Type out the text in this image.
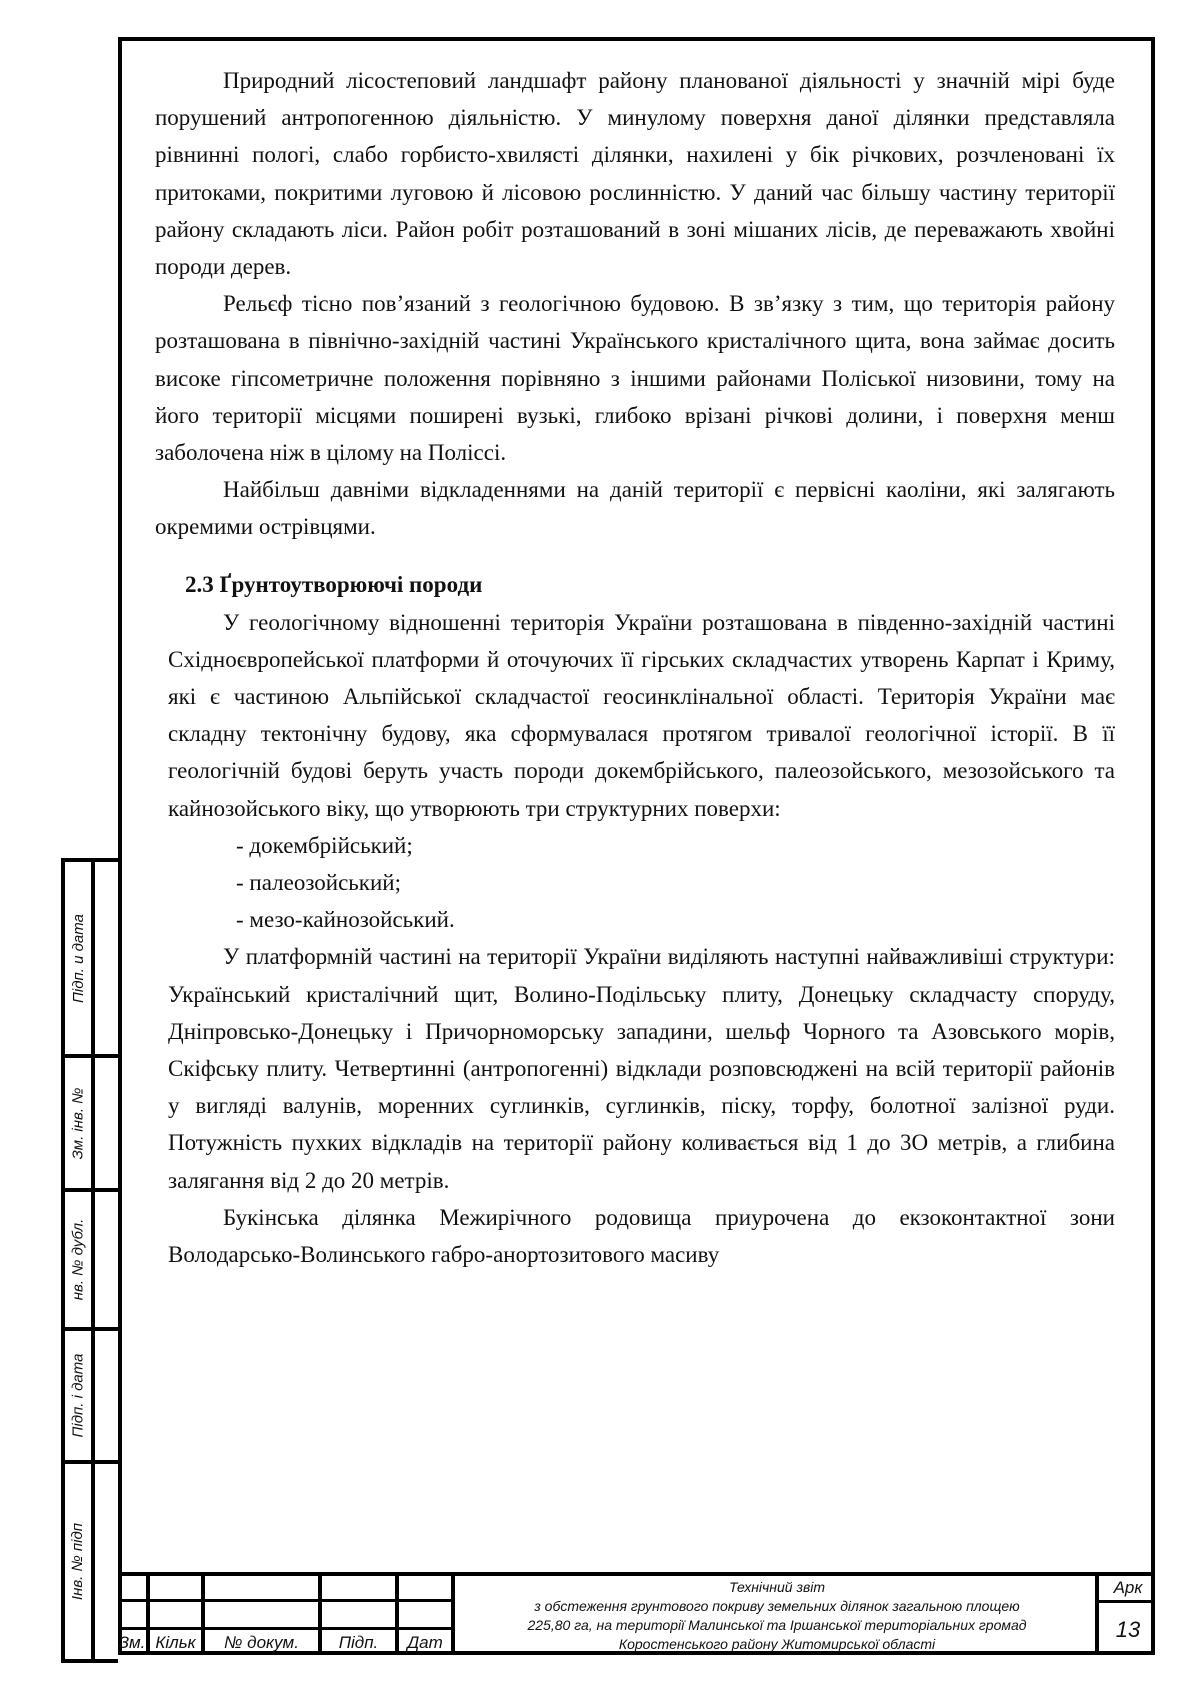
Природний лісостеповий ландшафт району планованої діяльності у значній мірі буде порушений антропогенною діяльністю. У минулому поверхня даної ділянки представляла рівнинні пологі, слабо горбисто-хвилясті ділянки, нахилені у бік річкових, розчленовані їх притоками, покритими луговою й лісовою рослинністю. У даний час більшу частину території району складають ліси. Район робіт розташований в зоні мішаних лісів, де переважають хвойні породи дерев.

Рельєф тісно пов’язаний з геологічною будовою. В зв’язку з тим, що територія району розташована в північно-західній частині Українського кристалічного щита, вона займає досить високе гіпсометричне положення порівняно з іншими районами Поліської низовини, тому на його території місцями поширені вузькі, глибоко врізані річкові долини, і поверхня менш заболочена ніж в цілому на Поліссі.

Найбільш давніми відкладеннями на даній території є первісні каоліни, які залягають окремими острівцями.

2.3 Ґрунтоутворюючі породи

У геологічному відношенні територія України розташована в південно-західній частині Східноєвропейської платформи й оточуючих її гірських складчастих утворень Карпат і Криму, які є частиною Альпійської складчастої геосинклінальної області. Територія України має складну тектонічну будову, яка сформувалася протягом тривалої геологічної історії. В її геологічній будові беруть участь породи докембрійського, палеозойського, мезозойського та кайнозойського віку, що утворюють три структурних поверхи:

- докембрійський;

- палеозойський;

- мезо-кайнозойський.

У платформній частині на території України виділяють наступні найважливіші структури: Український кристалічний щит, Волино-Подільську плиту, Донецьку складчасту споруду, Дніпровсько-Донецьку і Причорноморську западини, шельф Чорного та Азовського морів, Скіфську плиту. Четвертинні (антропогенні) відклади розповсюджені на всій території районів у вигляді валунів, моренних суглинків, суглинків, піску, торфу, болотної залізної руди. Потужність пухких відкладів на території району коливається від 1 до 3О метрів, а глибина залягання від 2 до 20 метрів.

Букінська ділянка Межирічного родовища приурочена до екзоконтактної зони Володарсько-Волинського габро-анортозитового масиву

Зм. Кільк	№ докум.	Підп.	Дат
Технічний звіт
з обстеження грунтового покриву земельних ділянок загальною площею
225,80 га, на території Малинської та Іршанської територіальних громад
Коростенського району Житомирської області
Арк
13
Підп. и дата
Зм. інв. №
нв. № дубл.
Підп. і дата
Інв. № підп
